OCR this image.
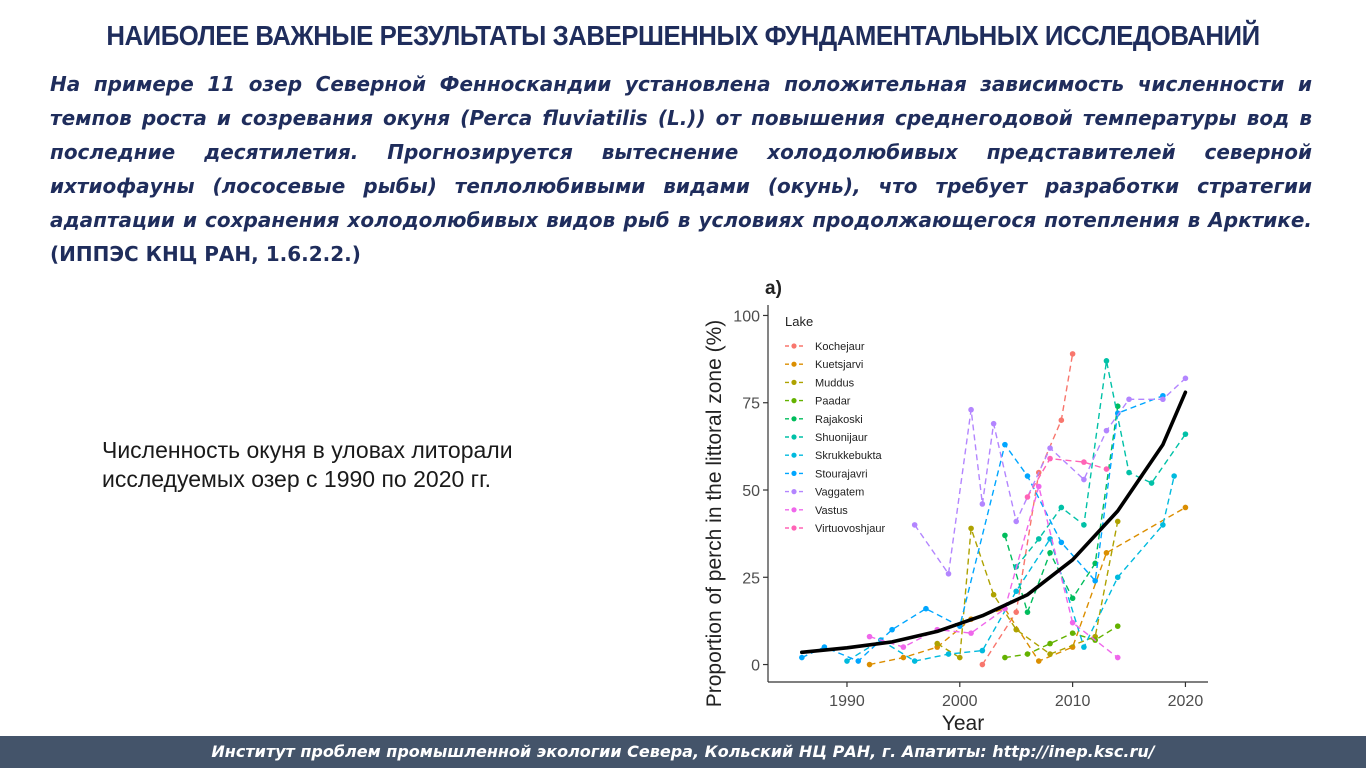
НАИБОЛЕЕ ВАЖНЫЕ РЕЗУЛЬТАТЫ ЗАВЕРШЕННЫХ ФУНДАМЕНТАЛЬНЫХ ИССЛЕДОВАНИЙ
На примере 11 озер Северной Фенноскандии установлена положительная зависимость численности и темпов роста и созревания окуня (Perca fluviatilis (L.)) от повышения среднегодовой температуры вод в последние десятилетия. Прогнозируется вытеснение холодолюбивых представителей северной ихтиофауны (лососевые рыбы) теплолюбивыми видами (окунь), что требует разработки стратегии адаптации и сохранения холодолюбивых видов рыб в условиях продолжающегося потепления в Арктике. (ИППЭС КНЦ РАН, 1.6.2.2.)
Численность окуня в уловах литорали исследуемых озер с 1990 по 2020 гг.
0
25
50
75
100
1990	2000	2010	2020
Year
Proportion of perch in the littoral zone (%)
a)
Lake
Kochejaur
Kuetsjarvi
Muddus
Paadar
Rajakoski
Shuonijaur
Skrukkebukta
Stourajavri
Vaggatem
Vastus
Virtuovoshjaur
Институт проблем промышленной экологии Севера, Кольский НЦ РАН, г. Апатиты: http://inep.ksc.ru/
